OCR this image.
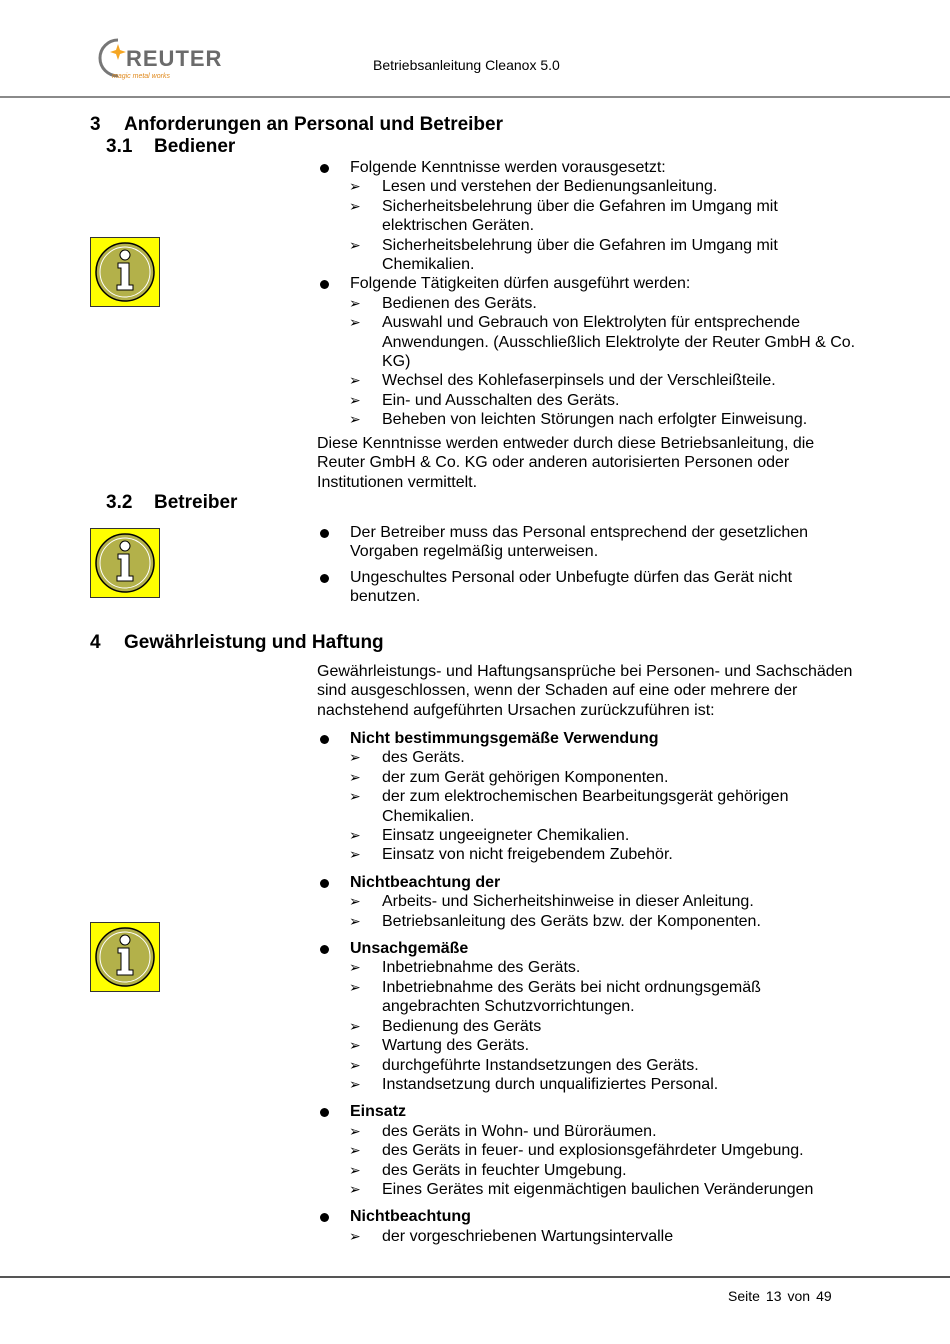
REUTER
magic metal works
Betriebsanleitung Cleanox 5.0
3 Anforderungen an Personal und Betreiber
3.1 Bediener
Folgende Kenntnisse werden vorausgesetzt:
➢ Lesen und verstehen der Bedienungsanleitung.
➢ Sicherheitsbelehrung über die Gefahren im Umgang mit elektrischen Geräten.
➢ Sicherheitsbelehrung über die Gefahren im Umgang mit Chemikalien.
Folgende Tätigkeiten dürfen ausgeführt werden:
➢ Bedienen des Geräts.
➢ Auswahl und Gebrauch von Elektrolyten für entsprechende Anwendungen. (Ausschließlich Elektrolyte der Reuter GmbH & Co. KG)
➢ Wechsel des Kohlefaserpinsels und der Verschleißteile.
➢ Ein- und Ausschalten des Geräts.
➢ Beheben von leichten Störungen nach erfolgter Einweisung.
Diese Kenntnisse werden entweder durch diese Betriebsanleitung, die Reuter GmbH & Co. KG oder anderen autorisierten Personen oder Institutionen vermittelt.
3.2 Betreiber
Der Betreiber muss das Personal entsprechend der gesetzlichen Vorgaben regelmäßig unterweisen.
Ungeschultes Personal oder Unbefugte dürfen das Gerät nicht benutzen.
4 Gewährleistung und Haftung
Gewährleistungs- und Haftungsansprüche bei Personen- und Sachschäden sind ausgeschlossen, wenn der Schaden auf eine oder mehrere der nachstehend aufgeführten Ursachen zurückzuführen ist:
Nicht bestimmungsgemäße Verwendung
➢ des Geräts.
➢ der zum Gerät gehörigen Komponenten.
➢ der zum elektrochemischen Bearbeitungsgerät gehörigen Chemikalien.
➢ Einsatz ungeeigneter Chemikalien.
➢ Einsatz von nicht freigebendem Zubehör.
Nichtbeachtung der
➢ Arbeits- und Sicherheitshinweise in dieser Anleitung.
➢ Betriebsanleitung des Geräts bzw. der Komponenten.
Unsachgemäße
➢ Inbetriebnahme des Geräts.
➢ Inbetriebnahme des Geräts bei nicht ordnungsgemäß angebrachten Schutzvorrichtungen.
➢ Bedienung des Geräts
➢ Wartung des Geräts.
➢ durchgeführte Instandsetzungen des Geräts.
➢ Instandsetzung durch unqualifiziertes Personal.
Einsatz
➢ des Geräts in Wohn- und Büroräumen.
➢ des Geräts in feuer- und explosionsgefährdeter Umgebung.
➢ des Geräts in feuchter Umgebung.
➢ Eines Gerätes mit eigenmächtigen baulichen Veränderungen
Nichtbeachtung
➢ der vorgeschriebenen Wartungsintervalle
Seite 13 von 49
